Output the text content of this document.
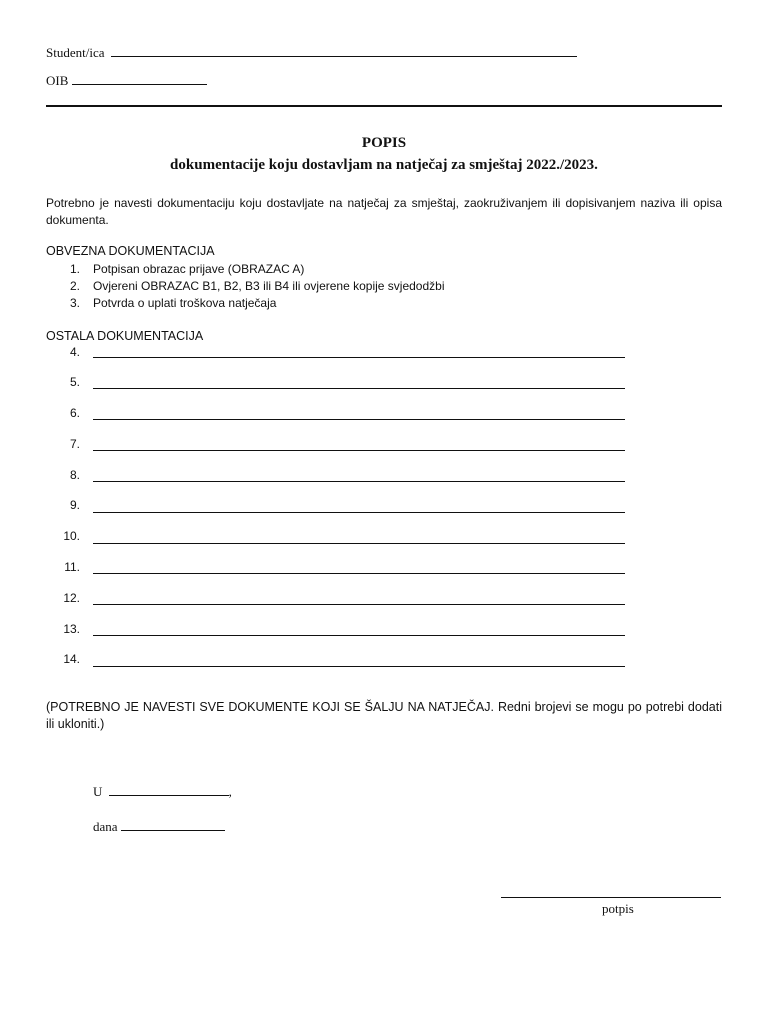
Student/ica
OIB
POPIS
dokumentacije koju dostavljam na natječaj za smještaj 2022./2023.
Potrebno je navesti dokumentaciju koju dostavljate na natječaj za smještaj, zaokruživanjem ili dopisivanjem naziva ili opisa dokumenta.
OBVEZNA DOKUMENTACIJA
1. Potpisan obrazac prijave (OBRAZAC A)
2. Ovjereni OBRAZAC B1, B2, B3 ili B4 ili ovjerene kopije svjedodžbi
3. Potvrda o uplati troškova natječaja
OSTALA DOKUMENTACIJA
4.
5.
6.
7.
8.
9.
10.
11.
12.
13.
14.
(POTREBNO JE NAVESTI SVE DOKUMENTE KOJI SE ŠALJU NA NATJEČAJ. Redni brojevi se mogu po potrebi dodati ili ukloniti.)
U	,
dana
potpis
